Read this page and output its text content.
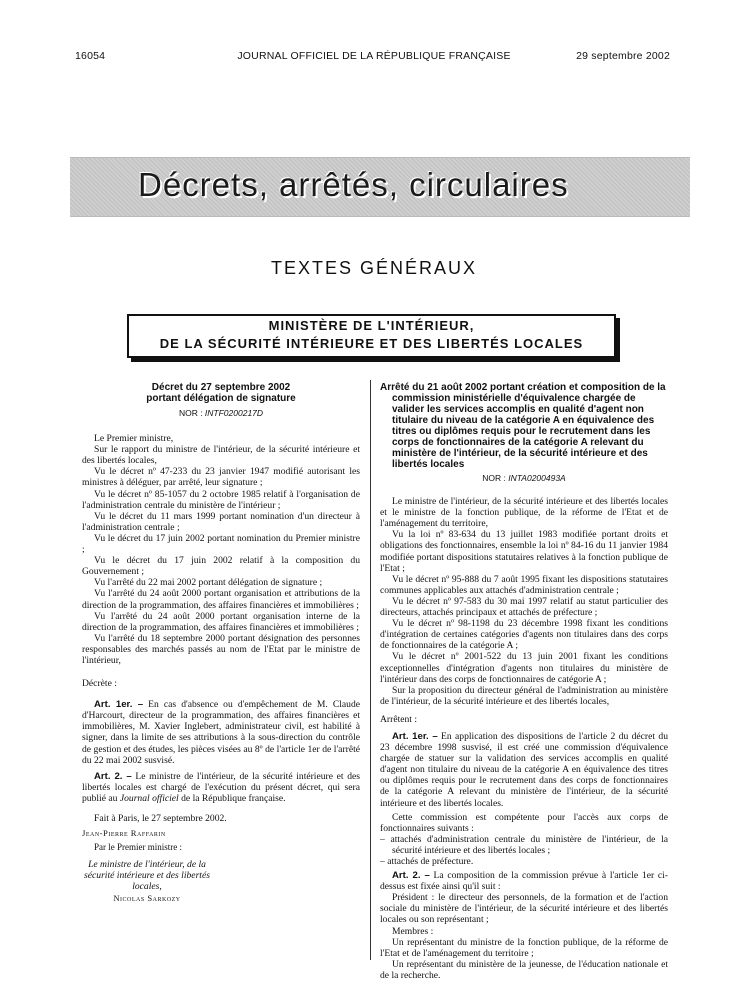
16054	JOURNAL OFFICIEL DE LA RÉPUBLIQUE FRANÇAISE	29 septembre 2002
Décrets, arrêtés, circulaires
TEXTES GÉNÉRAUX
MINISTÈRE DE L'INTÉRIEUR,
DE LA SÉCURITÉ INTÉRIEURE ET DES LIBERTÉS LOCALES
Décret du 27 septembre 2002
portant délégation de signature
NOR : INTF0200217D

Le Premier ministre,

Sur le rapport du ministre de l'intérieur, de la sécurité intérieure et des libertés locales,

Vu le décret nº 47-233 du 23 janvier 1947 modifié autorisant les ministres à déléguer, par arrêté, leur signature ;

Vu le décret nº 85-1057 du 2 octobre 1985 relatif à l'organisation de l'administration centrale du ministère de l'intérieur ;

Vu le décret du 11 mars 1999 portant nomination d'un directeur à l'administration centrale ;

Vu le décret du 17 juin 2002 portant nomination du Premier ministre ;

Vu le décret du 17 juin 2002 relatif à la composition du Gouvernement ;

Vu l'arrêté du 22 mai 2002 portant délégation de signature ;

Vu l'arrêté du 24 août 2000 portant organisation et attributions de la direction de la programmation, des affaires financières et immobilières ;

Vu l'arrêté du 24 août 2000 portant organisation interne de la direction de la programmation, des affaires financières et immobilières ;

Vu l'arrêté du 18 septembre 2000 portant désignation des personnes responsables des marchés passés au nom de l'Etat par le ministre de l'intérieur,

Décrète :

Art. 1er. – En cas d'absence ou d'empêchement de M. Claude d'Harcourt, directeur de la programmation, des affaires financières et immobilières, M. Xavier Inglebert, administrateur civil, est habilité à signer, dans la limite de ses attributions à la sous-direction du contrôle de gestion et des études, les pièces visées au 8º de l'article 1er de l'arrêté du 22 mai 2002 susvisé.

Art. 2. – Le ministre de l'intérieur, de la sécurité intérieure et des libertés locales est chargé de l'exécution du présent décret, qui sera publié au Journal officiel de la République française.

Fait à Paris, le 27 septembre 2002.

Jean-Pierre Raffarin

Par le Premier ministre :

Le ministre de l'intérieur, de la sécurité intérieure et des libertés locales,

Nicolas Sarkozy

Arrêté du 21 août 2002 portant création et composition de la commission ministérielle d'équivalence chargée de valider les services accomplis en qualité d'agent non titulaire du niveau de la catégorie A en équivalence des titres ou diplômes requis pour le recrutement dans les corps de fonctionnaires de la catégorie A relevant du ministère de l'intérieur, de la sécurité intérieure et des libertés locales
NOR : INTA0200493A

Le ministre de l'intérieur, de la sécurité intérieure et des libertés locales et le ministre de la fonction publique, de la réforme de l'Etat et de l'aménagement du territoire,

Vu la loi nº 83-634 du 13 juillet 1983 modifiée portant droits et obligations des fonctionnaires, ensemble la loi nº 84-16 du 11 janvier 1984 modifiée portant dispositions statutaires relatives à la fonction publique de l'Etat ;

Vu le décret nº 95-888 du 7 août 1995 fixant les dispositions statutaires communes applicables aux attachés d'administration centrale ;

Vu le décret nº 97-583 du 30 mai 1997 relatif au statut particulier des directeurs, attachés principaux et attachés de préfecture ;

Vu le décret nº 98-1198 du 23 décembre 1998 fixant les conditions d'intégration de certaines catégories d'agents non titulaires dans des corps de fonctionnaires de la catégorie A ;

Vu le décret nº 2001-522 du 13 juin 2001 fixant les conditions exceptionnelles d'intégration d'agents non titulaires du ministère de l'intérieur dans des corps de fonctionnaires de catégorie A ;

Sur la proposition du directeur général de l'administration au ministère de l'intérieur, de la sécurité intérieure et des libertés locales,

Arrêtent :

Art. 1er. – En application des dispositions de l'article 2 du décret du 23 décembre 1998 susvisé, il est créé une commission d'équivalence chargée de statuer sur la validation des services accomplis en qualité d'agent non titulaire du niveau de la catégorie A en équivalence des titres ou diplômes requis pour le recrutement dans des corps de fonctionnaires de la catégorie A relevant du ministère de l'intérieur, de la sécurité intérieure et des libertés locales.

Cette commission est compétente pour l'accès aux corps de fonctionnaires suivants :

– attachés d'administration centrale du ministère de l'intérieur, de la sécurité intérieure et des libertés locales ;

– attachés de préfecture.

Art. 2. – La composition de la commission prévue à l'article 1er ci-dessus est fixée ainsi qu'il suit :

Président : le directeur des personnels, de la formation et de l'action sociale du ministère de l'intérieur, de la sécurité intérieure et des libertés locales ou son représentant ;

Membres :

Un représentant du ministre de la fonction publique, de la réforme de l'Etat et de l'aménagement du territoire ;

Un représentant du ministère de la jeunesse, de l'éducation nationale et de la recherche.
